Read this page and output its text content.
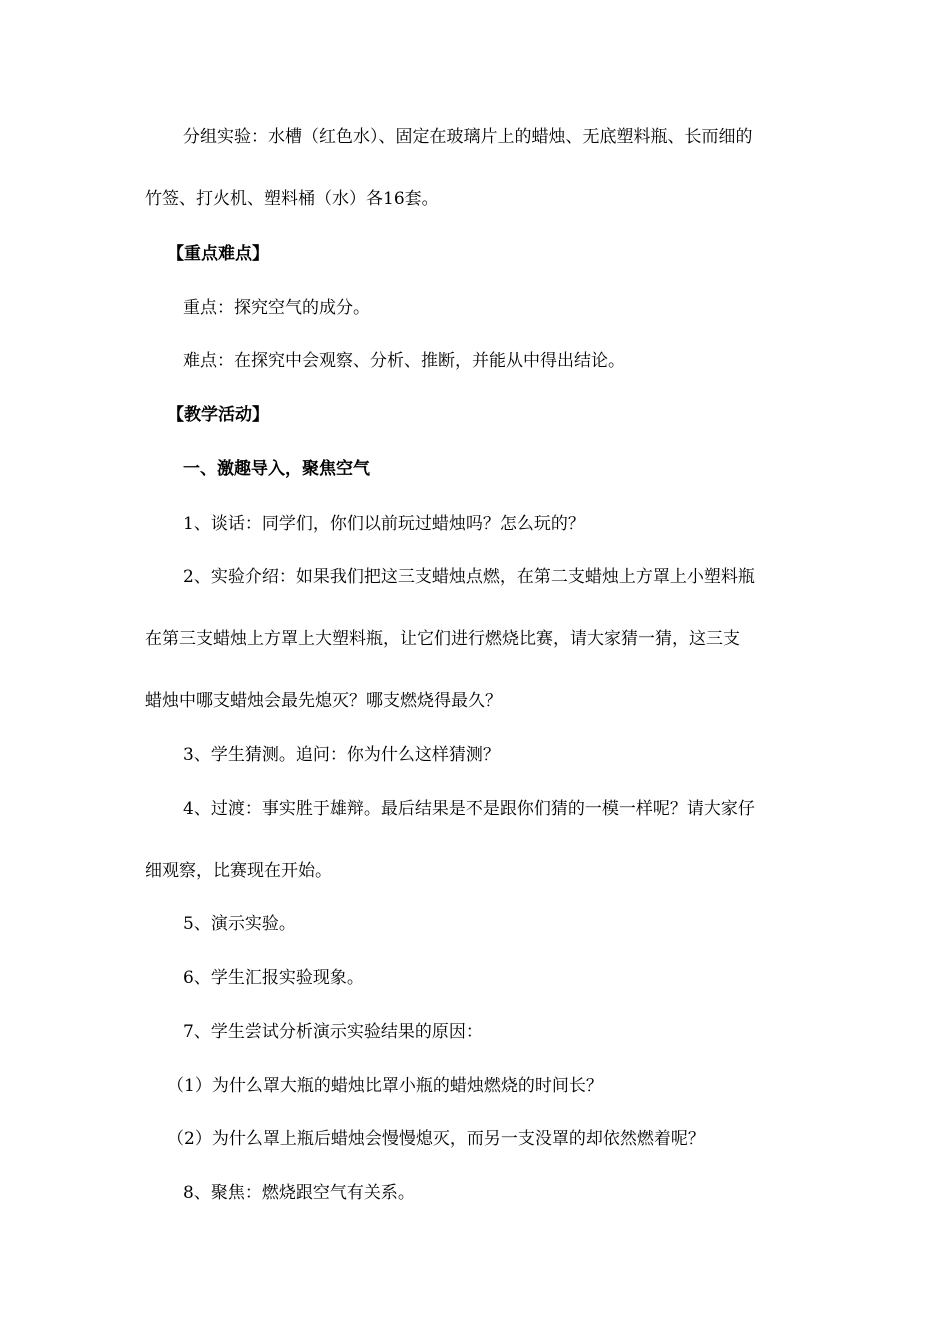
分组实验：水槽（红色水）、固定在玻璃片上的蜡烛、无底塑料瓶、长而细的
竹签、打火机、塑料桶（水）各16套。
【重点难点】
重点：探究空气的成分。
难点：在探究中会观察、分析、推断，并能从中得出结论。
【教学活动】
一、激趣导入，聚焦空气
1、谈话：同学们，你们以前玩过蜡烛吗？怎么玩的？
2、实验介绍：如果我们把这三支蜡烛点燃，在第二支蜡烛上方罩上小塑料瓶
在第三支蜡烛上方罩上大塑料瓶，让它们进行燃烧比赛，请大家猜一猜，这三支
蜡烛中哪支蜡烛会最先熄灭？哪支燃烧得最久？
3、学生猜测。追问：你为什么这样猜测？
4、过渡：事实胜于雄辩。最后结果是不是跟你们猜的一模一样呢？请大家仔
细观察，比赛现在开始。
5、演示实验。
6、学生汇报实验现象。
7、学生尝试分析演示实验结果的原因：
（1）为什么罩大瓶的蜡烛比罩小瓶的蜡烛燃烧的时间长？
（2）为什么罩上瓶后蜡烛会慢慢熄灭，而另一支没罩的却依然燃着呢？
8、聚焦：燃烧跟空气有关系。
